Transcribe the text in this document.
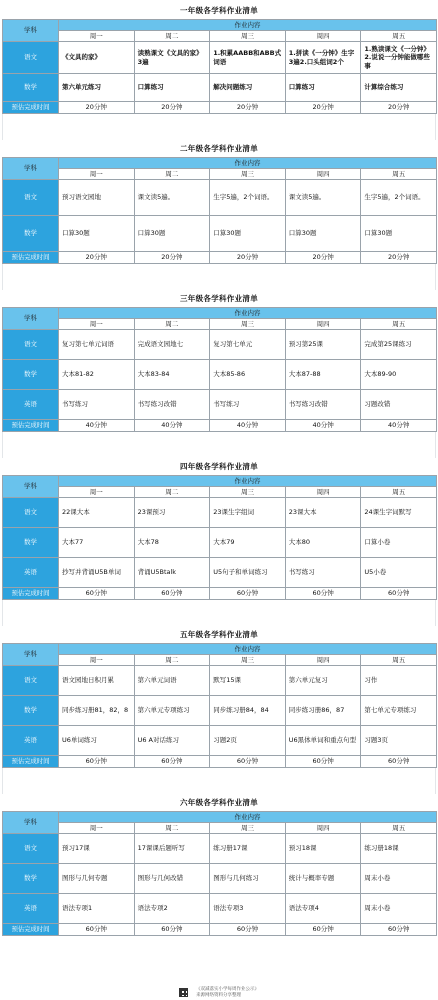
一年级各学科作业清单
学科	作业内容				
	周一	周二	周三	周四	周五
语文	《文具的家》	读熟课文《文具的家》3遍	1.积累AABB和ABB式词语	1.拼读《一分钟》生字3遍2.口头组词2个	1.熟读课文《一分钟》2.说说一分钟能做哪些事
数学	第六单元练习	口算练习	解决问题练习	口算练习	计算综合练习
预估完成时间	20分钟	20分钟	20分钟	20分钟	20分钟
二年级各学科作业清单
学科	作业内容				
	周一	周二	周三	周四	周五
语文	预习语文园地	课文读5遍。	生字5遍，2个词语。	课文读5遍。	生字5遍，2个词语。
数学	口算30题	口算30题	口算30题	口算30题	口算30题
预估完成时间	20分钟	20分钟	20分钟	20分钟	20分钟
三年级各学科作业清单
学科	作业内容				
	周一	周二	周三	周四	周五
语文	复习第七单元词语	完成语文园地七	复习第七单元	预习第25课	完成第25课练习
数学	大本81-82	大本83-84	大本85-86	大本87-88	大本89-90
英语	书写练习	书写练习改错	书写练习	书写练习改错	习题改错
预估完成时间	40分钟	40分钟	40分钟	40分钟	40分钟
四年级各学科作业清单
学科	作业内容				
	周一	周二	周三	周四	周五
语文	22课大本	23课预习	23课生字组词	23课大本	24课生字词默写
数学	大本77	大本78	大本79	大本80	口算小卷
英语	抄写并背诵U5B单词	背诵U5Btalk	U5句子和单词练习	书写练习	U5小卷
预估完成时间	60分钟	60分钟	60分钟	60分钟	60分钟
五年级各学科作业清单
学科	作业内容				
	周一	周二	周三	周四	周五
语文	语文园地日积月累	第六单元词语	默写15课	第六单元复习	习作
数学	同步练习册81，82，8	第六单元专项练习	同步练习册84，84	同步练习册86，87	第七单元专项练习
英语	U6单词练习	U6 A对话练习	习题2页	U6黑体单词和重点句型	习题3页
预估完成时间	60分钟	60分钟	60分钟	60分钟	60分钟
六年级各学科作业清单
学科	作业内容				
	周一	周二	周三	周四	周五
语文	预习17课	17课课后题听写	练习册17课	预习18课	练习册18课
数学	图形与几何专题	图形与几何改错	图形与几何练习	统计与概率专题	周末小卷
英语	语法专项1	语法专项2	语法专项3	语法专项4	周末小卷
预估完成时间	60分钟	60分钟	60分钟	60分钟	60分钟
《双减落实小学每周作业公示》
来源网络资料分享整理
